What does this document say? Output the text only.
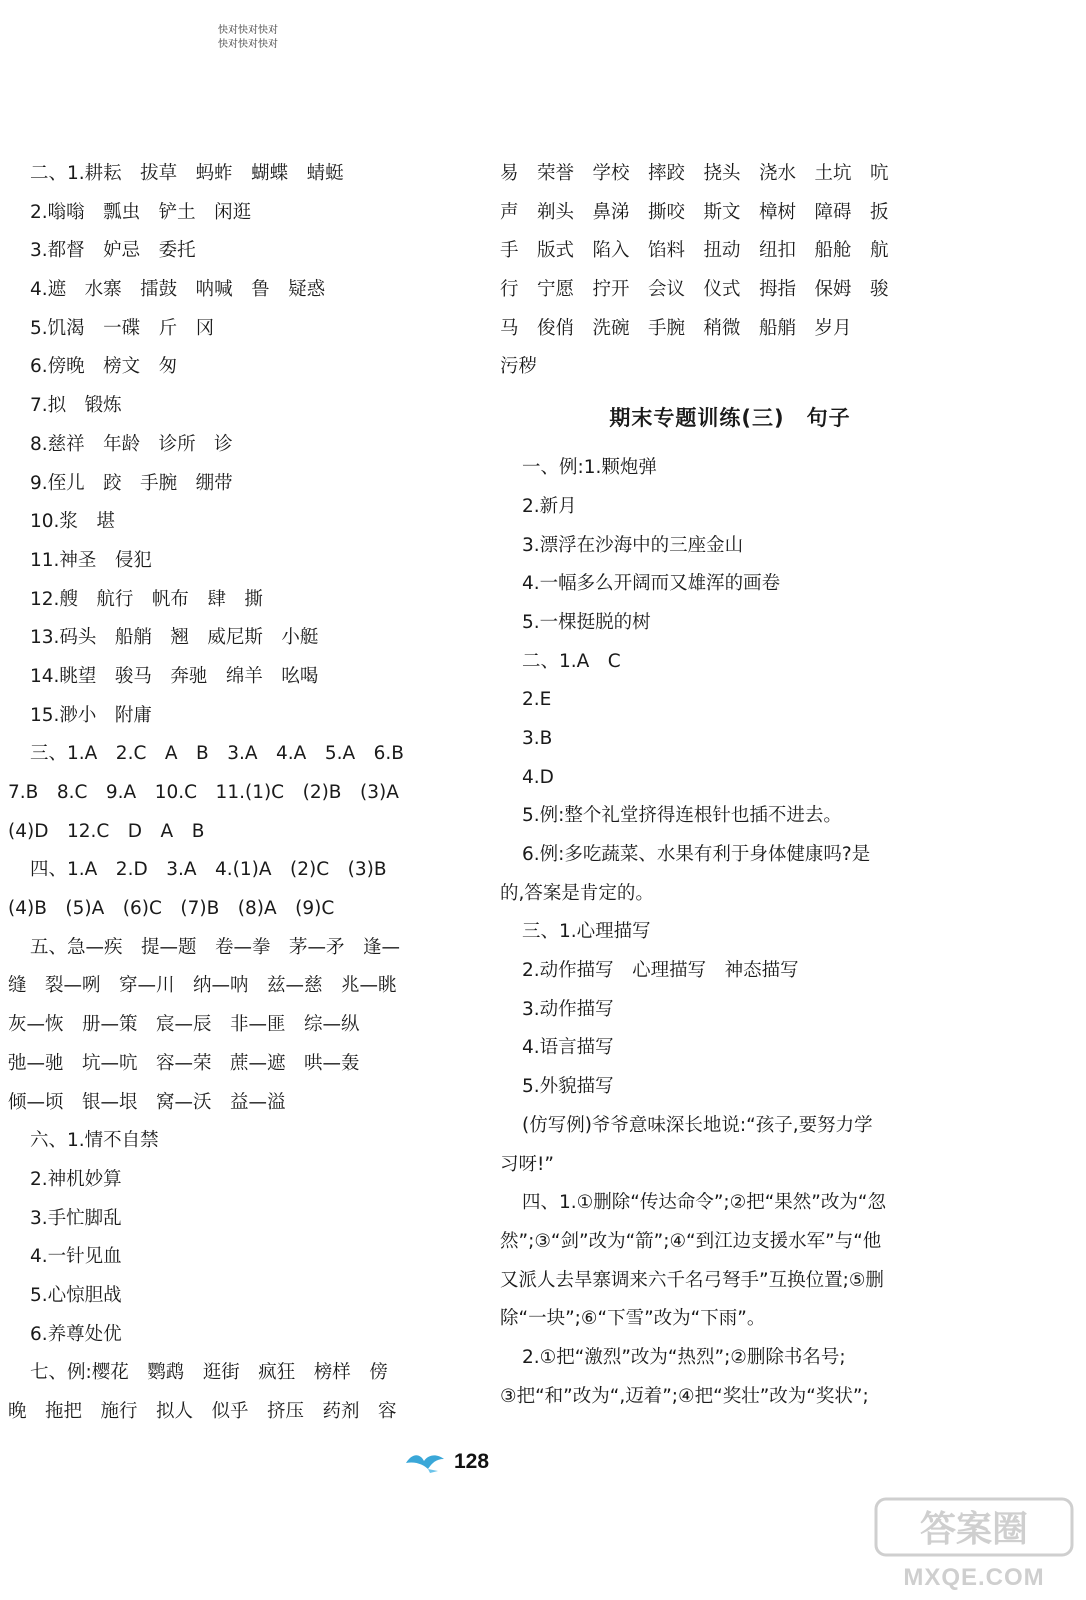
二、1.耕耘　拔草　蚂蚱　蝴蝶　蜻蜓
2.嗡嗡　瓢虫　铲土　闲逛
3.都督　妒忌　委托
4.遮　水寨　擂鼓　呐喊　鲁　疑惑
5.饥渴　一碟　斤　冈
6.傍晚　榜文　匆
7.拟　锻炼
8.慈祥　年龄　诊所　诊
9.侄儿　跤　手腕　绷带
10.浆　堪
11.神圣　侵犯
12.艘　航行　帆布　肆　撕
13.码头　船艄　翘　威尼斯　小艇
14.眺望　骏马　奔驰　绵羊　吆喝
15.渺小　附庸
三、1.A　2.C　A　B　3.A　4.A　5.A　6.B
7.B　8.C　9.A　10.C　11.(1)C　(2)B　(3)A
(4)D　12.C　D　A　B
四、1.A　2.D　3.A　4.(1)A　(2)C　(3)B
(4)B　(5)A　(6)C　(7)B　(8)A　(9)C
五、急—疾　提—题　卷—拳　茅—矛　逢—
缝　裂—咧　穿—川　纳—呐　兹—慈　兆—眺
灰—恢　册—策　宸—辰　非—匪　综—纵
弛—驰　坑—吭　容—荣　蔗—遮　哄—轰
倾—顷　银—垠　窝—沃　益—溢
六、1.情不自禁
2.神机妙算
3.手忙脚乱
4.一针见血
5.心惊胆战
6.养尊处优
七、例:樱花　鹦鹉　逛街　疯狂　榜样　傍
晚　拖把　施行　拟人　似乎　挤压　药剂　容
快对快对快对
快对快对快对
易　荣誉　学校　摔跤　挠头　浇水　土坑　吭
声　剃头　鼻涕　撕咬　斯文　樟树　障碍　扳
手　版式　陷入　馅料　扭动　纽扣　船舱　航
行　宁愿　拧开　会议　仪式　拇指　保姆　骏
马　俊俏　洗碗　手腕　稍微　船艄　岁月
污秽
期末专题训练(三)　句子
一、例:1.颗炮弹
2.新月
3.漂浮在沙海中的三座金山
4.一幅多么开阔而又雄浑的画卷
5.一棵挺脱的树
二、1.A　C
2.E
3.B
4.D
5.例:整个礼堂挤得连根针也插不进去。
6.例:多吃蔬菜、水果有利于身体健康吗?是
的,答案是肯定的。
三、1.心理描写
2.动作描写　心理描写　神态描写
3.动作描写
4.语言描写
5.外貌描写
(仿写例)爷爷意味深长地说:“孩子,要努力学
习呀!”
四、1.①删除“传达命令”;②把“果然”改为“忽
然”;③“剑”改为“箭”;④“到江边支援水军”与“他
又派人去旱寨调来六千名弓弩手”互换位置;⑤删
除“一块”;⑥“下雪”改为“下雨”。
2.①把“激烈”改为“热烈”;②删除书名号;
③把“和”改为“,迈着”;④把“奖壮”改为“奖状”;
128
答案圈
MXQE.COM
